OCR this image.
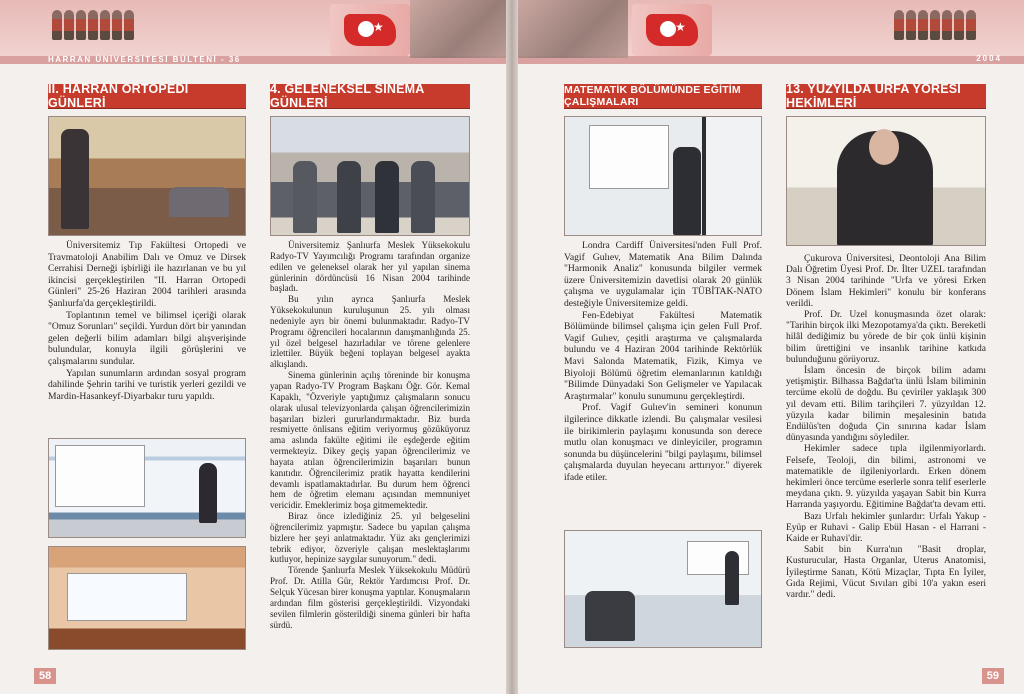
★
HARRAN ÜNİVERSİTESİ BÜLTENİ - 36
II. HARRAN ORTOPEDİ GÜNLERİ

Üniversitemiz Tıp Fakültesi Ortopedi ve Travmatoloji Anabilim Dalı ve Omuz ve Dirsek Cerrahisi Derneği işbirliği ile hazırlanan ve bu yıl ikincisi gerçekleştirilen "II. Harran Ortopedi Günleri" 25-26 Haziran 2004 tarihleri arasında Şanlıurfa'da gerçekleştirildi.

Toplantının temel ve bilimsel içeriği olarak "Omuz Sorunları" seçildi. Yurdun dört bir yanından gelen değerli bilim adamları bilgi alışverişinde bulundular, konuyla ilgili görüşlerini ve çalışmalarını sundular.

Yapılan sunumların ardından sosyal program dahilinde Şehrin tarihi ve turistik yerleri gezildi ve Mardin-Hasankeyf-Diyarbakır turu yapıldı.

4. GELENEKSEL SİNEMA GÜNLERİ

Üniversitemiz Şanlıurfa Meslek Yüksekokulu Radyo-TV Yayımcılığı Programı tarafından organize edilen ve geleneksel olarak her yıl yapılan sinema günlerinin dördüncüsü 16 Nisan 2004 tarihinde başladı.

Bu yılın ayrıca Şanlıurfa Meslek Yüksekokulunun kuruluşunun 25. yılı olması nedeniyle ayrı bir önemi bulunmaktadır. Radyo-TV Programı öğrencileri hocalarının danışmanlığında 25. yıl özel belgesel hazırladılar ve törene gelenlere izlettiler. Büyük beğeni toplayan belgesel ayakta alkışlandı.

Sinema günlerinin açılış töreninde bir konuşma yapan Radyo-TV Program Başkanı Öğr. Gör. Kemal Kapaklı, "Özveriyle yaptığımız çalışmaların sonucu olarak ulusal televizyonlarda çalışan öğrencilerimizin başarıları bizleri gururlandırmaktadır. Biz burda resmiyette önlisans eğitim veriyormuş gözüküyoruz ama aslında fakülte eğitimi ile eşdeğerde eğitim vermekteyiz. Dikey geçiş yapan öğrencilerimiz ve hayata atılan öğrencilerimizin başarıları bunun kanıtıdır. Öğrencilerimiz pratik hayatta kendilerini devamlı ispatlamaktadırlar. Bu durum hem öğrenci hem de öğretim elemanı açısından memnuniyet vericidir. Emeklerimiz boşa gitmemektedir.

Biraz önce izlediğiniz 25. yıl belgeselini öğrencilerimiz yapmıştır. Sadece bu yapılan çalışma bizlere her şeyi anlatmaktadır. Yüz akı gençlerimizi tebrik ediyor, özveriyle çalışan meslektaşlarımı kutluyor, hepinize saygılar sunuyorum." dedi.

Törende Şanlıurfa Meslek Yüksekokulu Müdürü Prof. Dr. Atilla Gür, Rektör Yardımcısı Prof. Dr. Selçuk Yücesan birer konuşma yaptılar. Konuşmaların ardından film gösterisi gerçekleştirildi. Vizyondaki sevilen filmlerin gösterildiği sinema günleri bir hafta sürdü.

58
★
2004
MATEMATİK BÖLÜMÜNDE EĞİTİM ÇALIŞMALARI

Londra Cardiff Üniversitesi'nden Full Prof. Vagif Gulıev, Matematik Ana Bilim Dalında "Harmonik Analiz" konusunda bilgiler vermek üzere Üniversitemizin davetlisi olarak 20 günlük çalışma ve uygulamalar için TÜBİTAK-NATO desteğiyle Üniversitemize geldi.

Fen-Edebiyat Fakültesi Matematik Bölümünde bilimsel çalışma için gelen Full Prof. Vagif Gulıev, çeşitli araştırma ve çalışmalarda bulundu ve 4 Haziran 2004 tarihinde Rektörlük Mavi Salonda Matematik, Fizik, Kimya ve Biyoloji Bölümü öğretim elemanlarının katıldığı "Bilimde Dünyadaki Son Gelişmeler ve Yapılacak Araştırmalar" konulu sunumunu gerçekleştirdi.

Prof. Vagif Gulıev'in semineri konunun ilgilerince dikkatle izlendi. Bu çalışmalar vesilesi ile birikimlerin paylaşımı konusunda son derece mutlu olan konuşmacı ve dinleyiciler, programın sonunda bu düşüncelerini "bilgi paylaşımı, bilimsel çalışmalarda duyulan heyecanı arttırıyor." diyerek ifade etiler.

13. YÜZYILDA URFA YÖRESİ HEKİMLERİ

Çukurova Üniversitesi, Deontoloji Ana Bilim Dalı Öğretim Üyesi Prof. Dr. İlter UZEL tarafından 3 Nisan 2004 tarihinde "Urfa ve yöresi Erken Dönem İslam Hekimleri" konulu bir konferans verildi.

Prof. Dr. Uzel konuşmasında özet olarak: "Tarihin birçok ilki Mezopotamya'da çıktı. Bereketli hilâl dediğimiz bu yörede de bir çok ünlü kişinin bilim ürettiğini ve insanlık tarihine katkıda bulunduğunu görüyoruz.

İslam öncesin de birçok bilim adamı yetişmiştir. Bilhassa Bağdat'ta ünlü İslam biliminin tercüme ekolü de doğdu. Bu çeviriler yaklaşık 300 yıl devam etti. Bilim tarihçileri 7. yüzyıldan 12. yüzyıla kadar bilimin meşalesinin batıda Endülüs'ten doğuda Çin sınırına kadar İslam dünyasında yandığını söylediler.

Hekimler sadece tıpla ilgilenmiyorlardı. Felsefe, Teoloji, din bilimi, astronomi ve matematikle de ilgileniyorlardı. Erken dönem hekimleri önce tercüme eserlerle sonra telif eserlerle meydana çıktı. 9. yüzyılda yaşayan Sabit bin Kurra Harranda yaşıyordu. Eğitimine Bağdat'ta devam etti.

Bazı Urfalı hekimler şunlardır: Urfalı Yakup - Eyüp er Ruhavi - Galip Ebül Hasan - el Harrani - Kaide er Ruhavi'dir.

Sabit bin Kurra'nın "Basit droplar, Kusturucular, Hasta Organlar, Uterus Anatomisi, İyileştirme Sanatı, Kötü Mizaçlar, Tıpta En İyiler, Gıda Rejimi, Vücut Sıvıları gibi 10'a yakın eseri vardır." dedi.

59
